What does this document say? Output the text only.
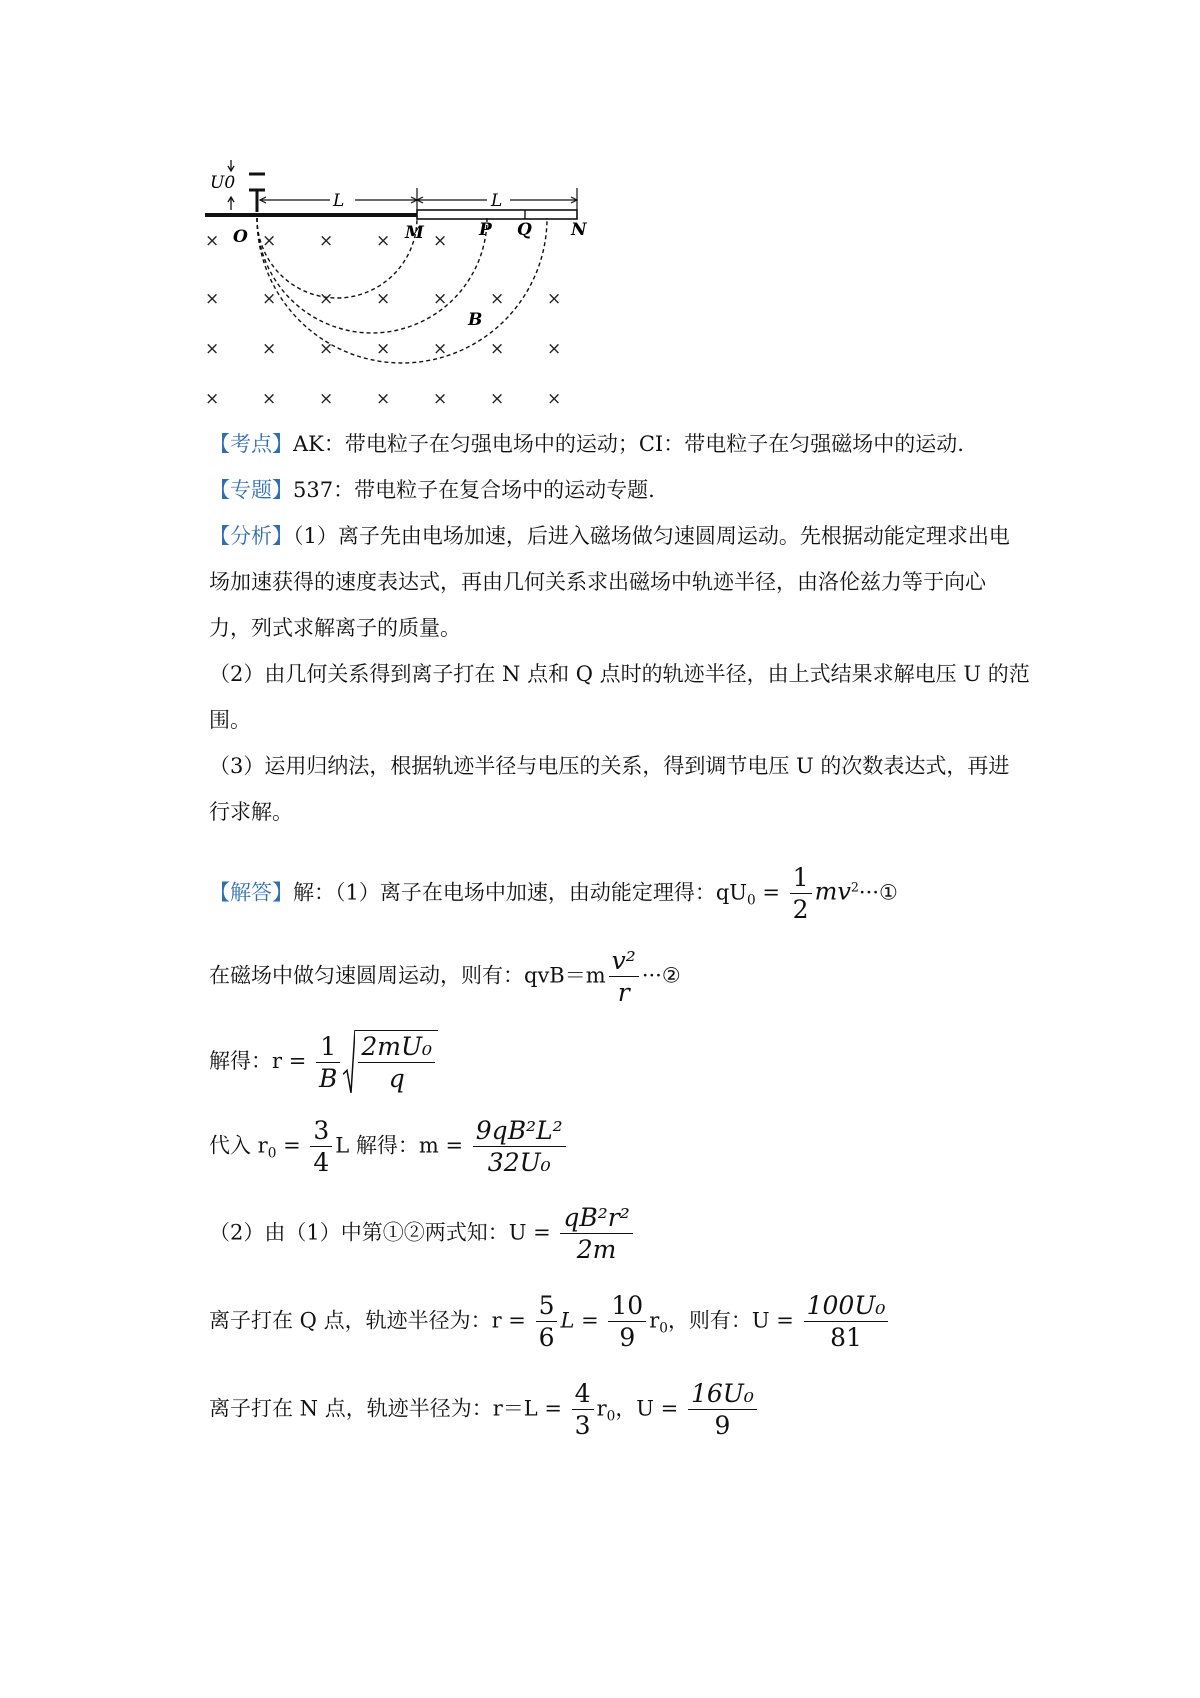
U0
L	L
O	M	P Q N
B
×	×	×	×	×
×	×	×	×	×	×	×
×	×	×	×	×	×	×
×	×	×	×	×	×	×
【考点】AK：带电粒子在匀强电场中的运动；CI：带电粒子在匀强磁场中的运动.
【专题】537：带电粒子在复合场中的运动专题.
【分析】（1）离子先由电场加速，后进入磁场做匀速圆周运动。先根据动能定理求出电
场加速获得的速度表达式，再由几何关系求出磁场中轨迹半径，由洛伦兹力等于向心
力，列式求解离子的质量。
（2）由几何关系得到离子打在 N 点和 Q 点时的轨迹半径，由上式结果求解电压 U 的范
围。
（3）运用归纳法，根据轨迹半径与电压的关系，得到调节电压 U 的次数表达式，再进
行求解。
【解答】解：（1）离子在电场中加速，由动能定理得：$qU_0 = \frac{1}{2}$ $mv^2\cdot\cdot\cdot ①$
在磁场中做匀速圆周运动，则有：$qvB=m \frac{\text{v²}}{r}$ ···②
解得：$r = \frac{1}{B} \frac{\text{2mU₀}}{q}$
代入 $r_0 = \frac{3}{4}$ L 解得：$m = \frac{\text{9qB²L²}}{\text{32U₀}}$
（2）由（1）中第①②两式知：$U = \frac{\text{qB²r²}}{2m}$
离子打在 Q 点，轨迹半径为：$r = \frac{5}{6}$ $L = \frac{10}{9} r_0$，则有：$U = \frac{\text{100U₀}}{81}$
离子打在 N 点，轨迹半径为：$r=L = \frac{4}{3} r_0$，$U = \frac{\text{16U₀}}{9}$
